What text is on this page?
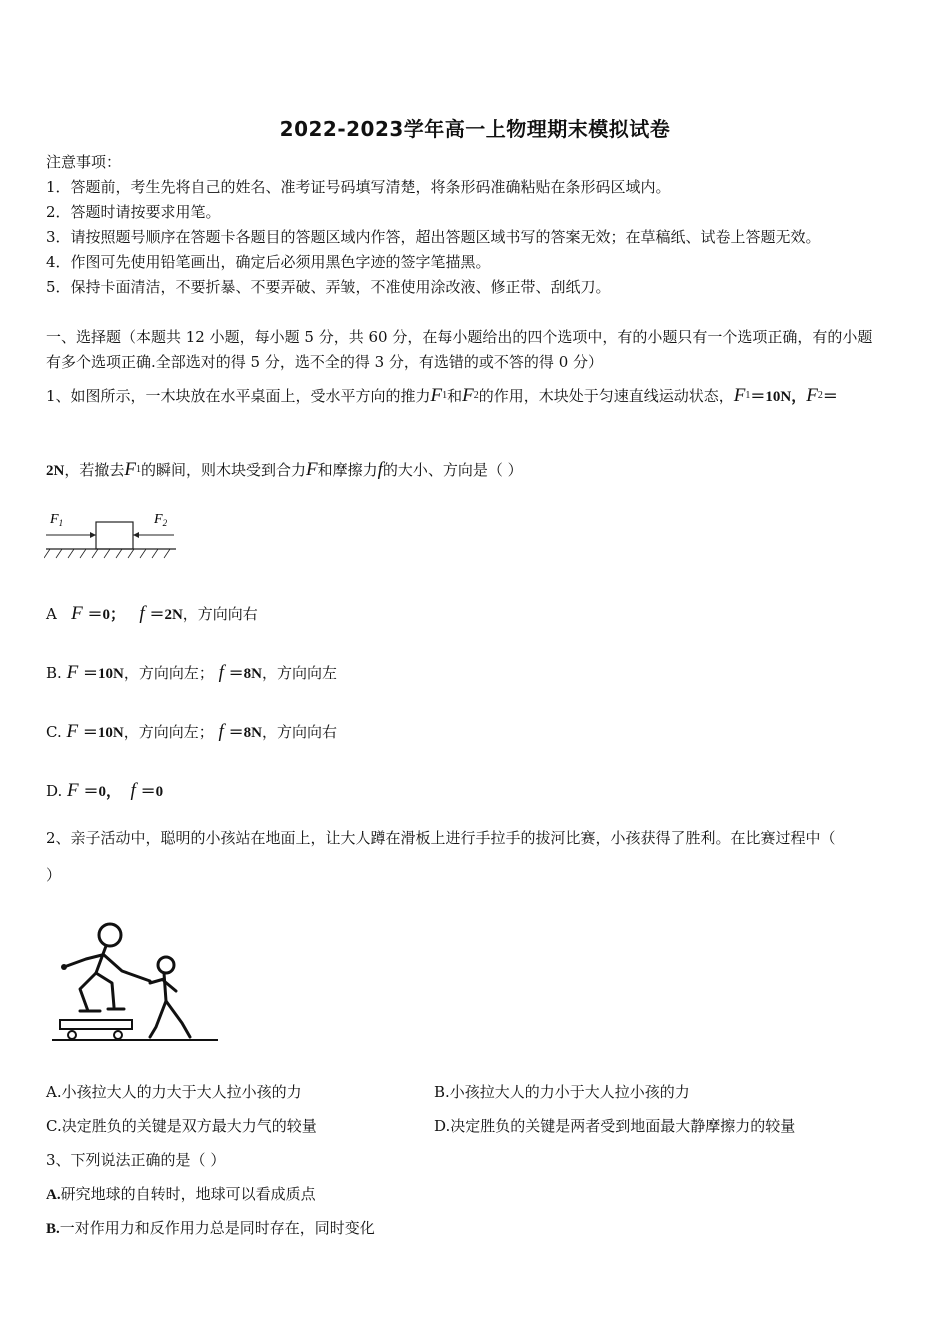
2022-2023学年高一上物理期末模拟试卷
注意事项：
1．答题前，考生先将自己的姓名、准考证号码填写清楚，将条形码准确粘贴在条形码区域内。
2．答题时请按要求用笔。
3．请按照题号顺序在答题卡各题目的答题区域内作答，超出答题区域书写的答案无效；在草稿纸、试卷上答题无效。
4．作图可先使用铅笔画出，确定后必须用黑色字迹的签字笔描黑。
5．保持卡面清洁，不要折暴、不要弄破、弄皱，不准使用涂改液、修正带、刮纸刀。
一、选择题（本题共 12 小题，每小题 5 分，共 60 分，在每小题给出的四个选项中，有的小题只有一个选项正确，有的小题
有多个选项正确.全部选对的得 5 分，选不全的得 3 分，有选错的或不答的得 0 分）
1、如图所示，一木块放在水平桌面上，受水平方向的推力F1和F2的作用，木块处于匀速直线运动状态，F1＝10N，F2＝
2N，若撤去F1的瞬间，则木块受到合力F和摩擦力f的大小、方向是（ ）
$F_1$	$F_2$
A F ＝0； f ＝2N，方向向右
B. F ＝10N，方向向左； f ＝8N，方向向左
C. F ＝10N，方向向左； f ＝8N，方向向右
D. F ＝0， f ＝0
2、亲子活动中，聪明的小孩站在地面上，让大人蹲在滑板上进行手拉手的拔河比赛，小孩获得了胜利。在比赛过程中（
）
A.小孩拉大人的力大于大人拉小孩的力	B.小孩拉大人的力小于大人拉小孩的力
C.决定胜负的关键是双方最大力气的较量	D.决定胜负的关键是两者受到地面最大静摩擦力的较量
3、下列说法正确的是（ ）
A.研究地球的自转时，地球可以看成质点
B.一对作用力和反作用力总是同时存在，同时变化
